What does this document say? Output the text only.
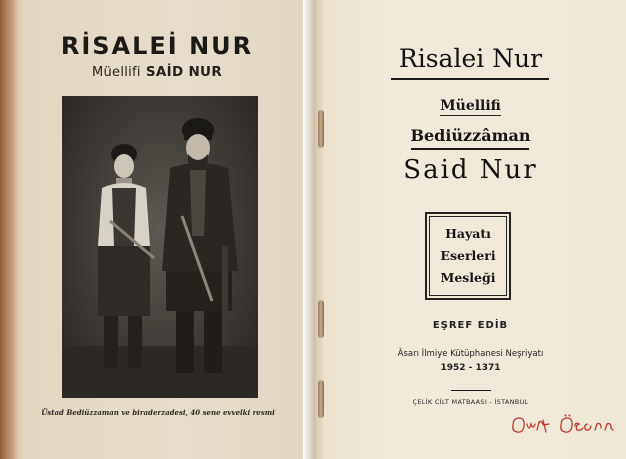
RİSALEİ NUR
Müellifi SAİD NUR
Üstad Bediüzzaman ve biraderzadesi, 40 sene evvelki resmi
Risalei Nur
Müellifi
Bediüzzâman
Said Nur
Hayatı
Eserleri
Mesleği
EŞREF EDİB
Âsarı İlmiye Kütüphanesi Neşriyatı
1952 - 1371
ÇELİK CİLT MATBAASI - İSTANBUL
